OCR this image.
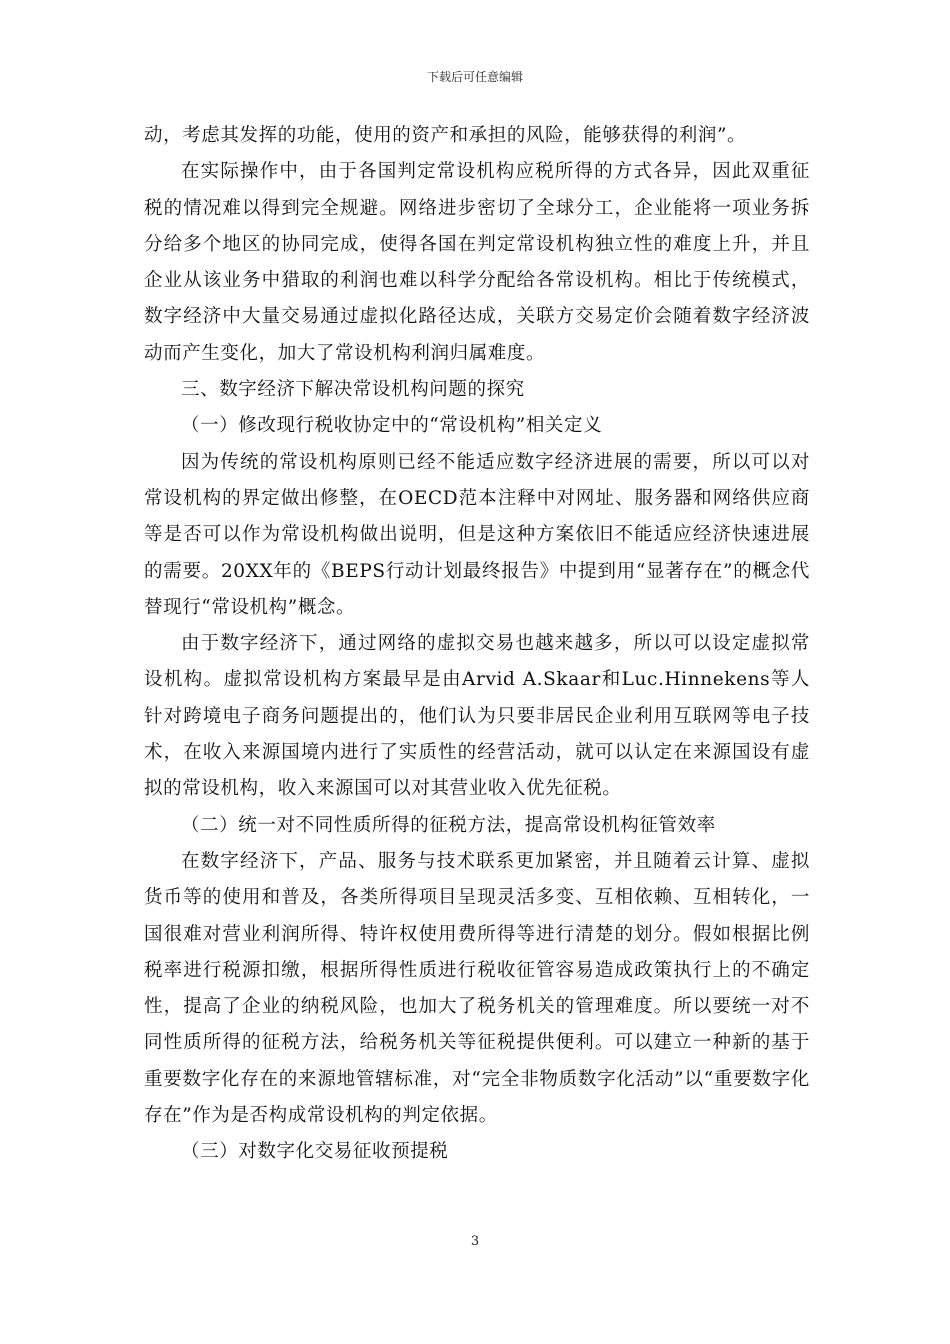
下载后可任意编辑

动，考虑其发挥的功能，使用的资产和承担的风险，能够获得的利润”。

在实际操作中，由于各国判定常设机构应税所得的方式各异，因此双重征税的情况难以得到完全规避。网络进步密切了全球分工，企业能将一项业务拆分给多个地区的协同完成，使得各国在判定常设机构独立性的难度上升，并且企业从该业务中猎取的利润也难以科学分配给各常设机构。相比于传统模式，数字经济中大量交易通过虚拟化路径达成，关联方交易定价会随着数字经济波动而产生变化，加大了常设机构利润归属难度。

三、数字经济下解决常设机构问题的探究

（一）修改现行税收协定中的“常设机构”相关定义

因为传统的常设机构原则已经不能适应数字经济进展的需要，所以可以对常设机构的界定做出修整，在OECD范本注释中对网址、服务器和网络供应商等是否可以作为常设机构做出说明，但是这种方案依旧不能适应经济快速进展的需要。20XX年的《BEPS行动计划最终报告》中提到用“显著存在”的概念代替现行“常设机构”概念。

由于数字经济下，通过网络的虚拟交易也越来越多，所以可以设定虚拟常设机构。虚拟常设机构方案最早是由Arvid A.Skaar和Luc.Hinnekens等人针对跨境电子商务问题提出的，他们认为只要非居民企业利用互联网等电子技术，在收入来源国境内进行了实质性的经营活动，就可以认定在来源国设有虚拟的常设机构，收入来源国可以对其营业收入优先征税。

（二）统一对不同性质所得的征税方法，提高常设机构征管效率

在数字经济下，产品、服务与技术联系更加紧密，并且随着云计算、虚拟货币等的使用和普及，各类所得项目呈现灵活多变、互相依赖、互相转化，一国很难对营业利润所得、特许权使用费所得等进行清楚的划分。假如根据比例税率进行税源扣缴，根据所得性质进行税收征管容易造成政策执行上的不确定性，提高了企业的纳税风险，也加大了税务机关的管理难度。所以要统一对不同性质所得的征税方法，给税务机关等征税提供便利。可以建立一种新的基于重要数字化存在的来源地管辖标准，对“完全非物质数字化活动”以“重要数字化存在”作为是否构成常设机构的判定依据。

（三）对数字化交易征收预提税

3
